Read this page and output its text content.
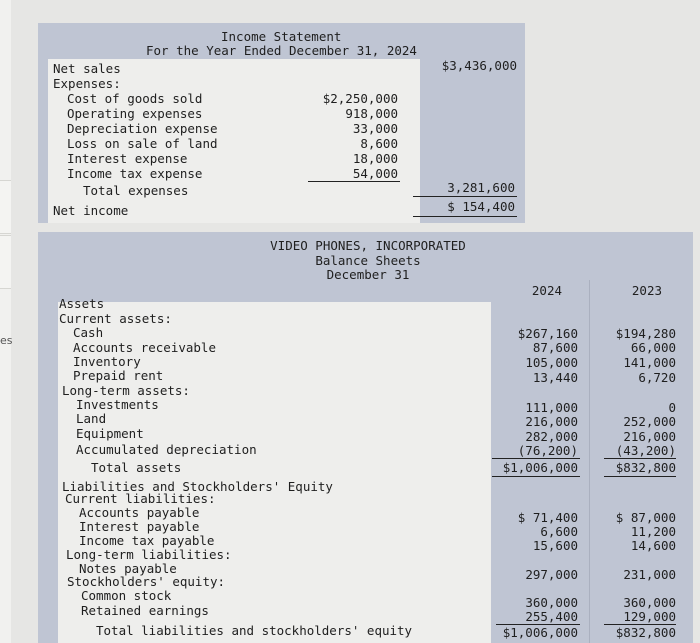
es
Income Statement
For the Year Ended December 31, 2024
Net sales	$3,436,000
Expenses:
Cost of goods sold	$2,250,000
Operating expenses	918,000
Depreciation expense	33,000
Loss on sale of land	8,600
Interest expense	18,000
Income tax expense	54,000
Total expenses	3,281,600
Net income	$ 154,400
VIDEO PHONES, INCORPORATED
Balance Sheets
December 31
2024	2023
Assets
Current assets:
Cash	$267,160	$194,280
Accounts receivable	87,600	66,000
Inventory	105,000	141,000
Prepaid rent	13,440	6,720
Long-term assets:
Investments	111,000	0
Land	216,000	252,000
Equipment	282,000	216,000
Accumulated depreciation	(76,200)	(43,200)
Total assets	$1,006,000	$832,800
Liabilities and Stockholders' Equity
Current liabilities:
Accounts payable	$ 71,400	$ 87,000
Interest payable	6,600	11,200
Income tax payable	15,600	14,600
Long-term liabilities:
Notes payable	297,000	231,000
Stockholders' equity:
Common stock	360,000	360,000
Retained earnings	255,400	129,000
Total liabilities and stockholders' equity	$1,006,000	$832,800
